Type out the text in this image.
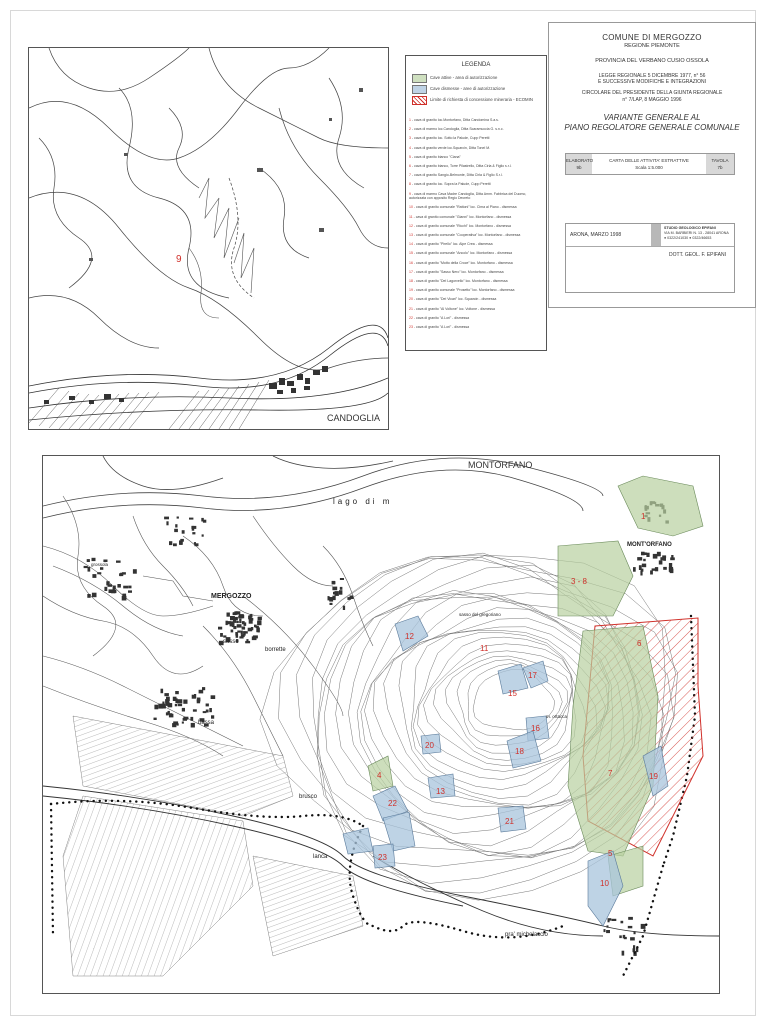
9
CANDOGLIA
LEGENDA
Cave attive - area di autorizzazione
Cave dismesse - aree di autorizzazione
Limite di richiesta di concessione mineraria - ECOMIN
1 - cava di granito loc.Montorfano, Ditta Candomina S.a.s.
2 - cava di marmo loc.Candoglia, Ditta Scaramuccia G. s.n.c.
3 - cava di granito loc. Sotto la Palude, Cupp Peretti
4 - cava di granito verde loc.Squarcin, Ditta Tonel M.
5 - cava di granito bianco "Ciana"
6 - cava di granito bianco, Torre Pilastrello, Ditta Cirla & Figlio s.r.l.
7 - cava di granito Sangio-Belmonte, Ditta Cirla & Figlio S.r.l.
8 - cava di granito loc. Sopra la Palude, Cupp Peretti
9 - cava di marmo Cava Madre Candoglia, Ditta Amm. Fabbrica del Duomo, autorizzata con apposito Regio Decreto
10 - cava di granito comunale "Rattoni" loc. Cima al Piano - dismessa
11 - cava di granito comunale "Gianni" loc. Montorfano - dismessa
12 - cava di granito comunale "Ricchi" loc. Montorfano - dismessa
13 - cava di granito comunale "Cooperativa" loc. Montorfano - dismessa
14 - cava di granito "Pirello" loc. Alpe Crea - dismessa
15 - cava di granito comunale "Ancolo" loc. Montorfano - dismessa
16 - cava di granito "Motto della Croce" loc. Montorfano - dismessa
17 - cava di granito "Sasso Nero" loc. Montorfano - dismessa
18 - cava di granito "Del Lagorvello" loc. Montorfano - dismessa
19 - cava di granito comunale "Prosetto" loc. Montorfano - dismessa
20 - cava di granito "Dei Vicari" loc. Squarcin - dismessa
21 - cava di granito "Al Voltone" loc. Voltone - dismessa
22 - cava di granito "A Lori" - dismessa
23 - cava di granito "A Lori" - dismessa
COMUNE DI MERGOZZO
REGIONE PIEMONTE
PROVINCIA DEL VERBANO CUSIO OSSOLA
LEGGE REGIONALE 5 DICEMBRE 1977, n° 56
E SUCCESSIVE MODIFICHE E INTEGRAZIONI
CIRCOLARE DEL PRESIDENTE DELLA GIUNTA REGIONALE
n° 7/LAP, 8 MAGGIO 1996
VARIANTE GENERALE AL
PIANO REGOLATORE GENERALE COMUNALE
ELABORATO
9b
CARTA DELLE ATTIVITA' ESTRATTIVE
Scala 1:5.000
TAVOLA
7b
ARONA, MARZO 1998
STUDIO GEOLOGICO EPIFANI
VIA M. BARBIERI N. 13 - 28041 ARONA
● 0322/241030 ● 0322/46653
DOTT. GEOL. F. EPIFANI
1
3 - 8
6
7
10
5
4
11
12
13
15
16
17
18
19
20
21
22
23
lago di m
MERGOZZO
MONT'ORFANO
sasso
borrette
bassa
brusco
lanca
pra' michelaccio
sasso del gregoriano
m. ortacca
grossola
MONTORFANO
